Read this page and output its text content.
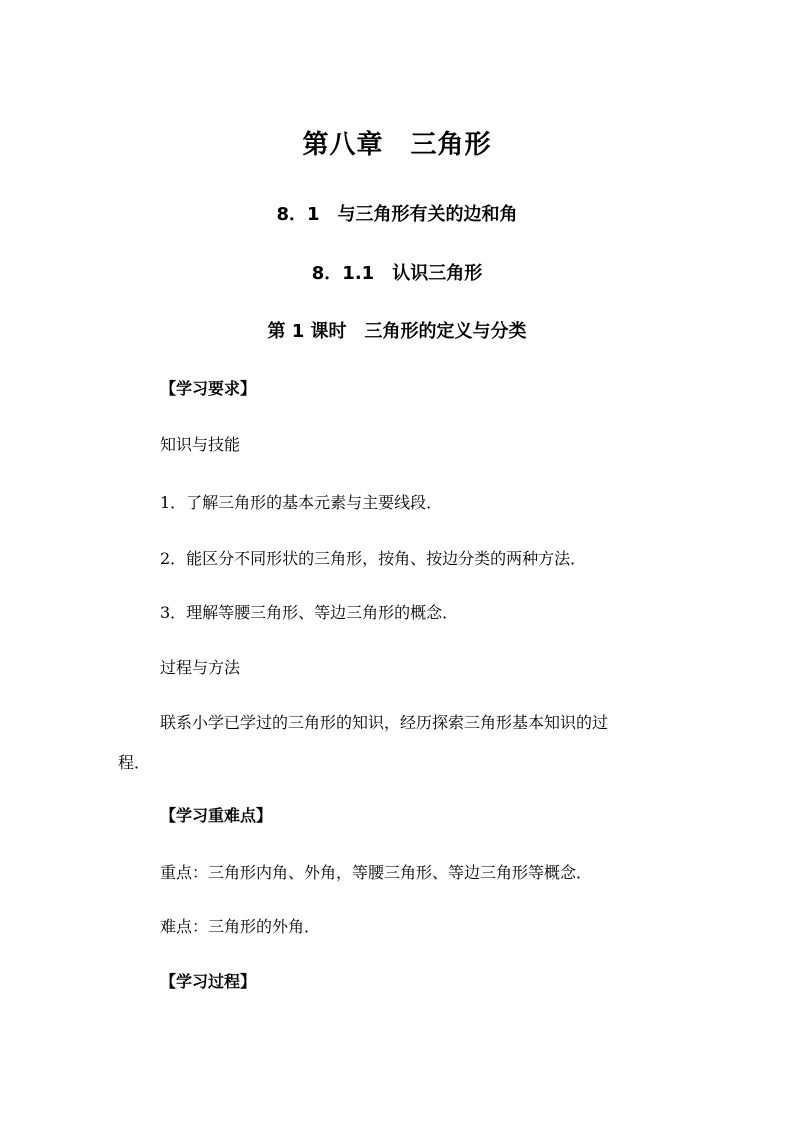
第八章　三角形
8．1　与三角形有关的边和角
8．1.1　认识三角形
第 1 课时　三角形的定义与分类

【学习要求】

知识与技能

1．了解三角形的基本元素与主要线段．

2．能区分不同形状的三角形，按角、按边分类的两种方法．

3．理解等腰三角形、等边三角形的概念．

过程与方法

联系小学已学过的三角形的知识，经历探索三角形基本知识的过

程．

【学习重难点】

重点：三角形内角、外角，等腰三角形、等边三角形等概念．

难点：三角形的外角．

【学习过程】
